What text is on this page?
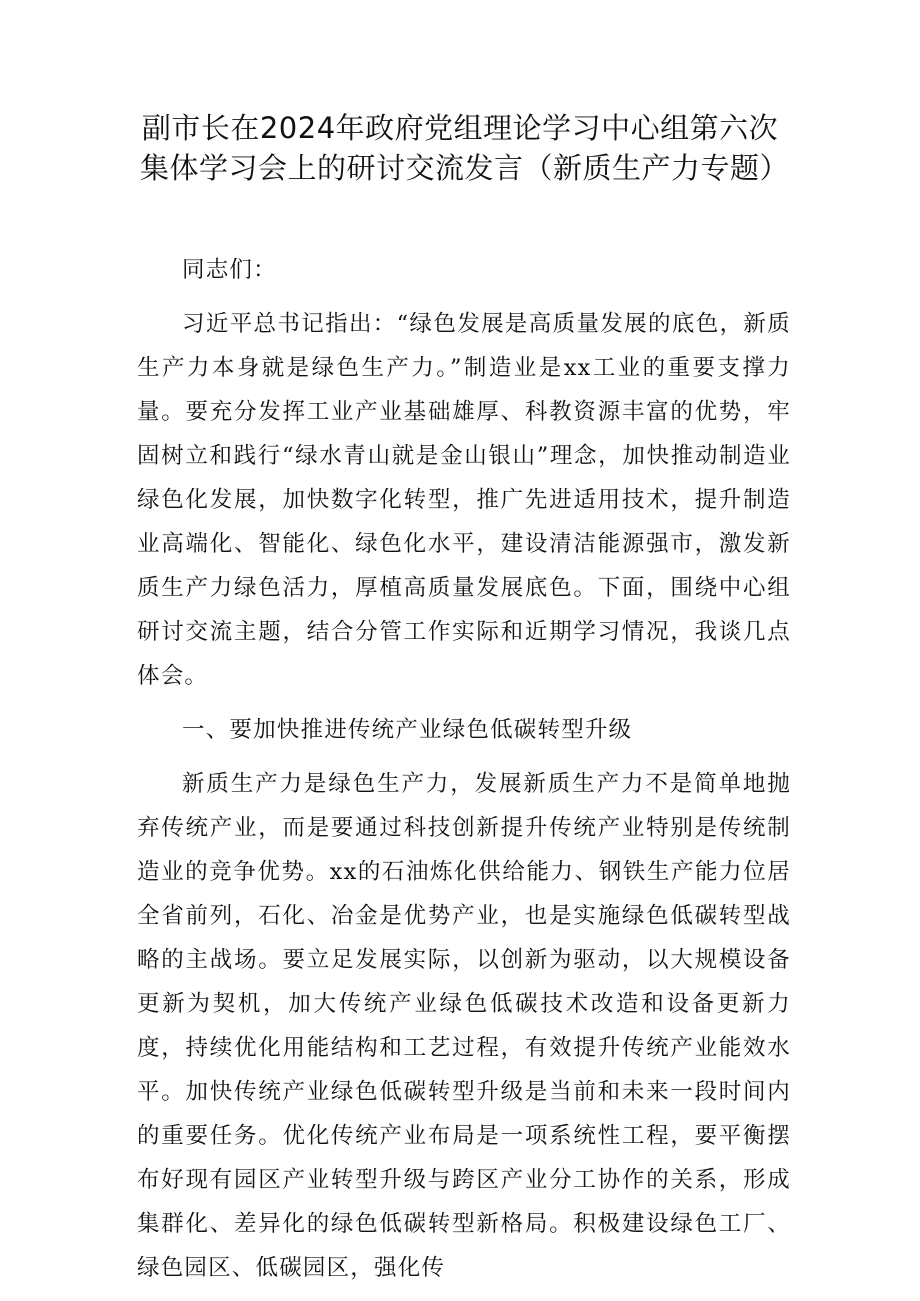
副市长在2024年政府党组理论学习中心组第六次集体学习会上的研讨交流发言（新质生产力专题）

同志们：

习近平总书记指出：“绿色发展是高质量发展的底色，新质生产力本身就是绿色生产力。”制造业是xx工业的重要支撑力量。要充分发挥工业产业基础雄厚、科教资源丰富的优势，牢固树立和践行“绿水青山就是金山银山”理念，加快推动制造业绿色化发展，加快数字化转型，推广先进适用技术，提升制造业高端化、智能化、绿色化水平，建设清洁能源强市，激发新质生产力绿色活力，厚植高质量发展底色。下面，围绕中心组研讨交流主题，结合分管工作实际和近期学习情况，我谈几点体会。

一、要加快推进传统产业绿色低碳转型升级

新质生产力是绿色生产力，发展新质生产力不是简单地抛弃传统产业，而是要通过科技创新提升传统产业特别是传统制造业的竞争优势。xx的石油炼化供给能力、钢铁生产能力位居全省前列，石化、冶金是优势产业，也是实施绿色低碳转型战略的主战场。要立足发展实际，以创新为驱动，以大规模设备更新为契机，加大传统产业绿色低碳技术改造和设备更新力度，持续优化用能结构和工艺过程，有效提升传统产业能效水平。加快传统产业绿色低碳转型升级是当前和未来一段时间内的重要任务。优化传统产业布局是一项系统性工程，要平衡摆布好现有园区产业转型升级与跨区产业分工协作的关系，形成集群化、差异化的绿色低碳转型新格局。积极建设绿色工厂、绿色园区、低碳园区，强化传
